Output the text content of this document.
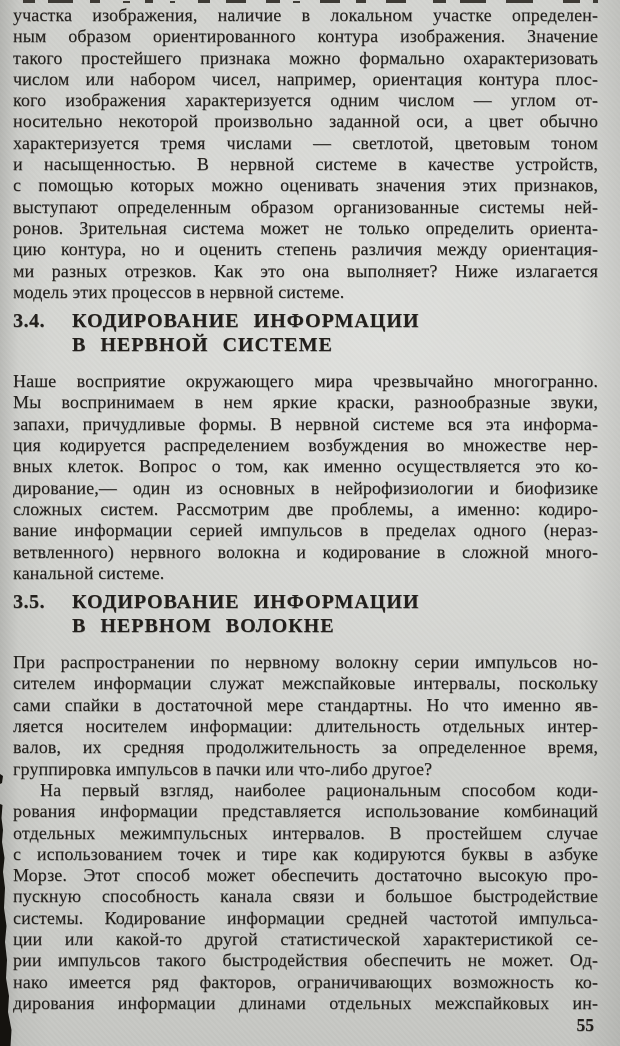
участка изображения, наличие в локальном участке определен-
ным образом ориентированного контура изображения. Значение
такого простейшего признака можно формально охарактеризовать
числом или набором чисел, например, ориентация контура плос-
кого изображения характеризуется одним числом — углом от-
носительно некоторой произвольно заданной оси, а цвет обычно
характеризуется тремя числами — светлотой, цветовым тоном
и насыщенностью. В нервной системе в качестве устройств,
с помощью которых можно оценивать значения этих признаков,
выступают определенным образом организованные системы ней-
ронов. Зрительная система может не только определить ориента-
цию контура, но и оценить степень различия между ориентация-
ми разных отрезков. Как это она выполняет? Ниже излагается
модель этих процессов в нервной системе.
3.4. КОДИРОВАНИЕ ИНФОРМАЦИИ
В НЕРВНОЙ СИСТЕМЕ
Наше восприятие окружающего мира чрезвычайно многогранно.
Мы воспринимаем в нем яркие краски, разнообразные звуки,
запахи, причудливые формы. В нервной системе вся эта информа-
ция кодируется распределением возбуждения во множестве нер-
вных клеток. Вопрос о том, как именно осуществляется это ко-
дирование,— один из основных в нейрофизиологии и биофизике
сложных систем. Рассмотрим две проблемы, а именно: кодиро-
вание информации серией импульсов в пределах одного (нераз-
ветвленного) нервного волокна и кодирование в сложной много-
канальной системе.
3.5. КОДИРОВАНИЕ ИНФОРМАЦИИ
В НЕРВНОМ ВОЛОКНЕ
При распространении по нервному волокну серии импульсов но-
сителем информации служат межспайковые интервалы, поскольку
сами спайки в достаточной мере стандартны. Но что именно яв-
ляется носителем информации: длительность отдельных интер-
валов, их средняя продолжительность за определенное время,
группировка импульсов в пачки или что-либо другое?
На первый взгляд, наиболее рациональным способом коди-
рования информации представляется использование комбинаций
отдельных межимпульсных интервалов. В простейшем случае
с использованием точек и тире как кодируются буквы в азбуке
Морзе. Этот способ может обеспечить достаточно высокую про-
пускную способность канала связи и большое быстродействие
системы. Кодирование информации средней частотой импульса-
ции или какой-то другой статистической характеристикой се-
рии импульсов такого быстродействия обеспечить не может. Од-
нако имеется ряд факторов, ограничивающих возможность ко-
дирования информации длинами отдельных межспайковых ин-
55
